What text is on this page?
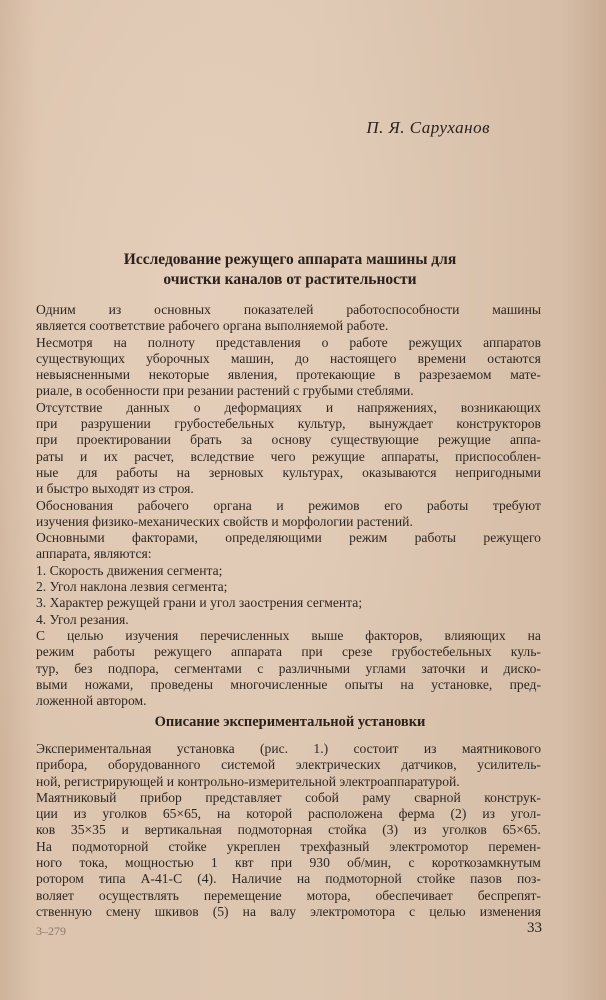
П. Я. Саруханов
Исследование режущего аппарата машины для
очистки каналов от растительности
Одним из основных показателей работоспособности машины
является соответствие рабочего органа выполняемой работе.
Несмотря на полноту представления о работе режущих аппаратов
существующих уборочных машин, до настоящего времени остаются
невыясненными некоторые явления, протекающие в разрезаемом мате-
риале, в особенности при резании растений с грубыми стеблями.
Отсутствие данных о деформациях и напряжениях, возникающих
при разрушении грубостебельных культур, вынуждает конструкторов
при проектировании брать за основу существующие режущие аппа-
раты и их расчет, вследствие чего режущие аппараты, приспособлен-
ные для работы на зерновых культурах, оказываются непригодными
и быстро выходят из строя.
Обоснования рабочего органа и режимов его работы требуют
изучения физико-механических свойств и морфологии растений.
Основными факторами, определяющими режим работы режущего
аппарата, являются:
1. Скорость движения сегмента;
2. Угол наклона лезвия сегмента;
3. Характер режущей грани и угол заострения сегмента;
4. Угол резания.
С целью изучения перечисленных выше факторов, влияющих на
режим работы режущего аппарата при срезе грубостебельных куль-
тур, без подпора, сегментами с различными углами заточки и диско-
выми ножами, проведены многочисленные опыты на установке, пред-
ложенной автором.
Описание экспериментальной установки
Экспериментальная установка (рис. 1.) состоит из маятникового
прибора, оборудованного системой электрических датчиков, усилитель-
ной, регистрирующей и контрольно-измерительной электроаппаратурой.
Маятниковый прибор представляет собой раму сварной конструк-
ции из уголков 65×65, на которой расположена ферма (2) из угол-
ков 35×35 и вертикальная подмоторная стойка (3) из уголков 65×65.
На подмоторной стойке укреплен трехфазный электромотор перемен-
ного тока, мощностью 1 квт при 930 об/мин, с короткозамкнутым
ротором типа А-41-С (4). Наличие на подмоторной стойке пазов поз-
воляет осуществлять перемещение мотора, обеспечивает беспрепят-
ственную смену шкивов (5) на валу электромотора с целью изменения
3–279	33
